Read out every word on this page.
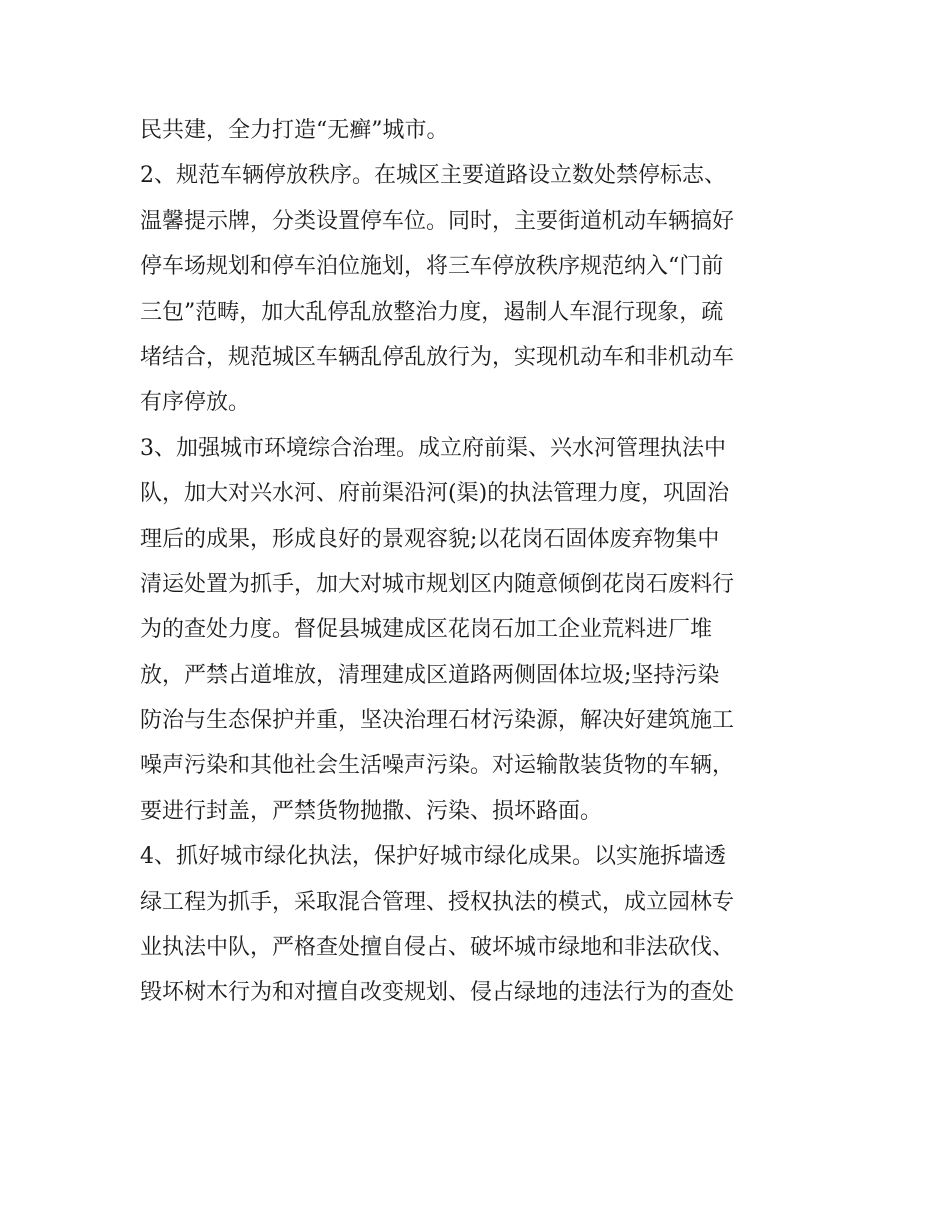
民共建，全力打造“无癣”城市。
2、规范车辆停放秩序。在城区主要道路设立数处禁停标志、
温馨提示牌，分类设置停车位。同时，主要街道机动车辆搞好
停车场规划和停车泊位施划，将三车停放秩序规范纳入“门前
三包”范畴，加大乱停乱放整治力度，遏制人车混行现象，疏
堵结合，规范城区车辆乱停乱放行为，实现机动车和非机动车
有序停放。
3、加强城市环境综合治理。成立府前渠、兴水河管理执法中
队，加大对兴水河、府前渠沿河(渠)的执法管理力度，巩固治
理后的成果，形成良好的景观容貌;以花岗石固体废弃物集中
清运处置为抓手，加大对城市规划区内随意倾倒花岗石废料行
为的查处力度。督促县城建成区花岗石加工企业荒料进厂堆
放，严禁占道堆放，清理建成区道路两侧固体垃圾;坚持污染
防治与生态保护并重，坚决治理石材污染源，解决好建筑施工
噪声污染和其他社会生活噪声污染。对运输散装货物的车辆，
要进行封盖，严禁货物抛撒、污染、损坏路面。
4、抓好城市绿化执法，保护好城市绿化成果。以实施拆墙透
绿工程为抓手，采取混合管理、授权执法的模式，成立园林专
业执法中队，严格查处擅自侵占、破坏城市绿地和非法砍伐、
毁坏树木行为和对擅自改变规划、侵占绿地的违法行为的查处
